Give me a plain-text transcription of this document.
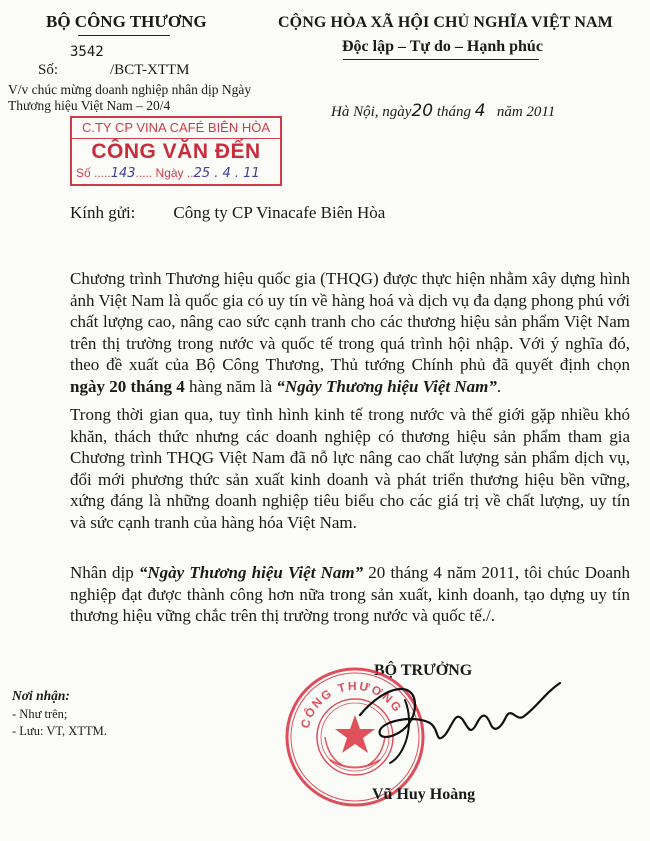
BỘ CÔNG THƯƠNG
3542
Số:	/BCT-XTTM
V/v chúc mừng doanh nghiệp nhân dịp Ngày Thương hiệu Việt Nam – 20/4
CỘNG HÒA XÃ HỘI CHỦ NGHĨA VIỆT NAM
Độc lập – Tự do – Hạnh phúc
Hà Nội, ngày20 tháng 4 năm 2011
C.TY CP VINA CAFÉ BIÊN HÒA
CÔNG VĂN ĐẾN
Số .....143..... Ngày ..25 . 4 . 11
Kính gửi: Công ty CP Vinacafe Biên Hòa
Chương trình Thương hiệu quốc gia (THQG) được thực hiện nhằm xây dựng hình ảnh Việt Nam là quốc gia có uy tín về hàng hoá và dịch vụ đa dạng phong phú với chất lượng cao, nâng cao sức cạnh tranh cho các thương hiệu sản phẩm Việt Nam trên thị trường trong nước và quốc tế trong quá trình hội nhập. Với ý nghĩa đó, theo đề xuất của Bộ Công Thương, Thủ tướng Chính phủ đã quyết định chọn ngày 20 tháng 4 hàng năm là “Ngày Thương hiệu Việt Nam”.
Trong thời gian qua, tuy tình hình kinh tế trong nước và thế giới gặp nhiều khó khăn, thách thức nhưng các doanh nghiệp có thương hiệu sản phẩm tham gia Chương trình THQG Việt Nam đã nỗ lực nâng cao chất lượng sản phẩm dịch vụ, đổi mới phương thức sản xuất kinh doanh và phát triển thương hiệu bền vững, xứng đáng là những doanh nghiệp tiêu biểu cho các giá trị về chất lượng, uy tín và sức cạnh tranh của hàng hóa Việt Nam.
Nhân dịp “Ngày Thương hiệu Việt Nam” 20 tháng 4 năm 2011, tôi chúc Doanh nghiệp đạt được thành công hơn nữa trong sản xuất, kinh doanh, tạo dựng uy tín thương hiệu vững chắc trên thị trường trong nước và quốc tế./.
Nơi nhận:
- Như trên;
- Lưu: VT, XTTM.
BỘ TRƯỞNG
CÔNG THƯƠNG
Vũ Huy Hoàng
